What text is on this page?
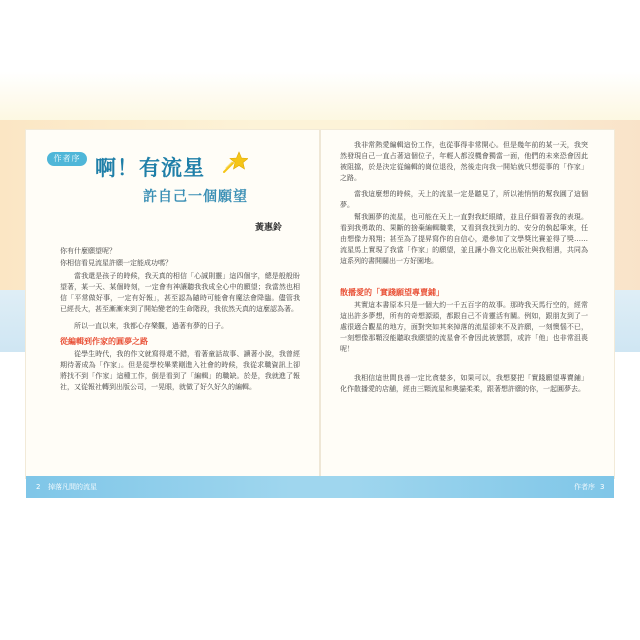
作者序 啊！有流星
許自己一個願望
黃惠鈴

你有什麼願望呢？

你相信看見流星許願一定能成功嗎？

當我還是孩子的時候，我天真的相信「心誠則靈」這四個字，總是般般盼望著，某一天、某個時刻，一定會有神讓聽我我成全心中的願望；我當然也相信「平常做好事，一定有好報」，甚至認為隨時可能會有魔法會降臨。儘管我已經長大，甚至漸漸來到了開始變老的生命階段，我依然天真的這麼認為著。

所以一直以來，我都心存樂觀，過著有夢的日子。

從編輯到作家的圓夢之路

從學生時代，我的作文就寫得還不錯，看著童話故事、讀著小說，我曾經期待著成為「作家」。但是從學校畢業剛進入社會的時候，我從求職資訊上卻將找不到「作家」這種工作，倒是看到了「編輯」的職缺。於是，我就進了報社，又從報社轉到出版公司，一晃眼，就做了好久好久的編輯。

我非常熱愛編輯這份工作，也從事得非常開心。但是幾年前的某一天，我突然發現自己一直占著這個位子，年輕人都沒機會獨當一面，他們的未來恐會因此被阻擋，於是決定從編輯的崗位退役，然後走向我一開始就只想從事的「作家」之路。

當我這麼想的時候，天上的流星一定是聽見了，所以祂悄悄的幫我圓了這個夢。

幫我圓夢的流星，也可能在天上一直對我眨眼睛，並且仔細看著我的表現。看到我勇敢的、果斷的捨棄編輯職業，又看到我找到力的、安分的執起筆來，任由想像力飛翔；甚至為了提昇寫作的自信心，還參加了文學獎比賽並得了獎……流星馬上實現了我當「作家」的願望，並且讓小魯文化出版社與我相遇，共同為這系列的書開闢出一方好園地。

散播愛的「實踐願望專賣鋪」

其實這本書原本只是一個大約一千五百字的故事。那時我天馬行空的，經常這出許多夢想，所有的奇想源頭，都跟自己不肯靈活有關。例如，跟朋友到了一處很適合觀星的地方，面對突如其來掉落的流星卻來不及許願，一刻懊惱不已，一刻想像那顆沒能聽取我願望的流星會不會因此被懲罰，或許「他」也非常沮喪呢！

我相信這世間良善一定比貪婪多，如果可以，我想要把「實踐願望專賣鋪」化作散播愛的店舖，經由三顆流星和奧貓柔柔，跟著想許願的你，一起圓夢去。

2 掉落凡間的流星	作者序 3
